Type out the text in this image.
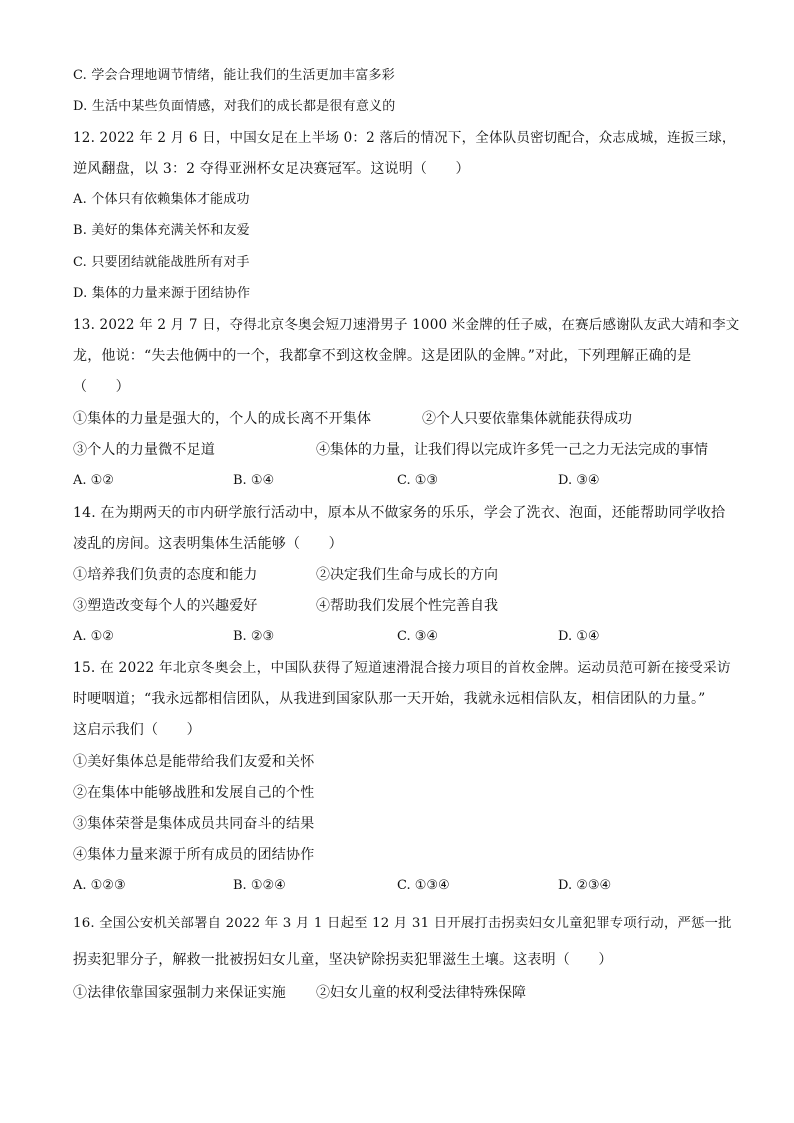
C. 学会合理地调节情绪，能让我们的生活更加丰富多彩
D. 生活中某些负面情感，对我们的成长都是很有意义的
12. 2022 年 2 月 6 日，中国女足在上半场 0：2 落后的情况下，全体队员密切配合，众志成城，连扳三球，
逆风翻盘，以 3：2 夺得亚洲杯女足决赛冠军。这说明（　　）
A. 个体只有依赖集体才能成功
B. 美好的集体充满关怀和友爱
C. 只要团结就能战胜所有对手
D. 集体的力量来源于团结协作
13. 2022 年 2 月 7 日，夺得北京冬奥会短刀速滑男子 1000 米金牌的任子威，在赛后感谢队友武大靖和李文
龙，他说：“失去他俩中的一个，我都拿不到这枚金牌。这是团队的金牌。”对此，下列理解正确的是
（　　）
①集体的力量是强大的，个人的成长离不开集体	②个人只要依靠集体就能获得成功
③个人的力量微不足道	④集体的力量，让我们得以完成许多凭一己之力无法完成的事情
A. ①②	B. ①④	C. ①③	D. ③④
14. 在为期两天的市内研学旅行活动中，原本从不做家务的乐乐，学会了洗衣、泡面，还能帮助同学收拾
凌乱的房间。这表明集体生活能够（　　）
①培养我们负责的态度和能力	②决定我们生命与成长的方向
③塑造改变每个人的兴趣爱好	④帮助我们发展个性完善自我
A. ①②	B. ②③	C. ③④	D. ①④
15. 在 2022 年北京冬奥会上，中国队获得了短道速滑混合接力项目的首枚金牌。运动员范可新在接受采访
时哽咽道；“我永远都相信团队，从我进到国家队那一天开始，我就永远相信队友，相信团队的力量。”
这启示我们（　　）
①美好集体总是能带给我们友爱和关怀
②在集体中能够战胜和发展自己的个性
③集体荣誉是集体成员共同奋斗的结果
④集体力量来源于所有成员的团结协作
A. ①②③	B. ①②④	C. ①③④	D. ②③④
16. 全国公安机关部署自 2022 年 3 月 1 日起至 12 月 31 日开展打击拐卖妇女儿童犯罪专项行动，严惩一批
拐卖犯罪分子，解救一批被拐妇女儿童，坚决铲除拐卖犯罪滋生土壤。这表明（　　）
①法律依靠国家强制力来保证实施 ②妇女儿童的权利受法律特殊保障
